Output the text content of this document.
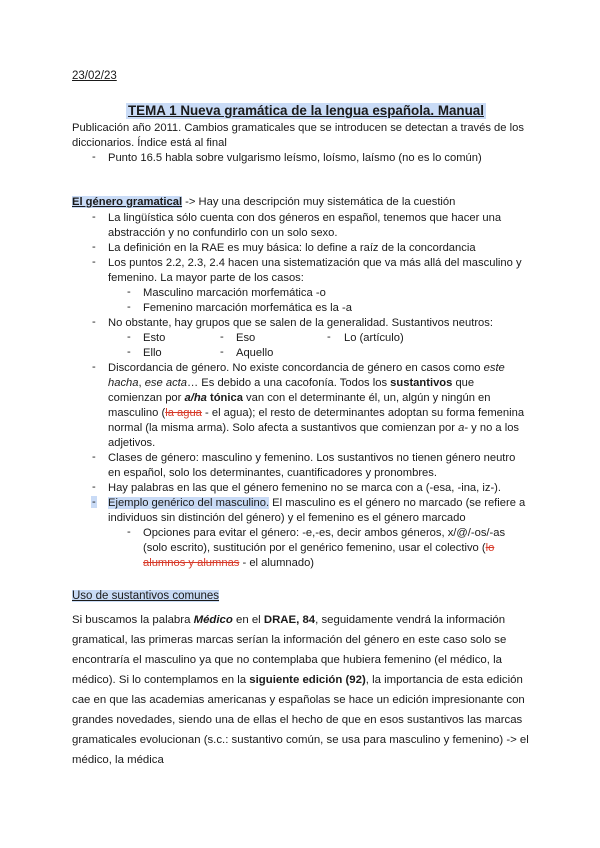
23/02/23
TEMA 1 Nueva gramática de la lengua española. Manual
Publicación año 2011. Cambios gramaticales que se introducen se detectan a través de los
diccionarios. Índice está al final
- Punto 16.5 habla sobre vulgarismo leísmo, loísmo, laísmo (no es lo común)
El género gramatical -> Hay una descripción muy sistemática de la cuestión
- La lingüística sólo cuenta con dos géneros en español, tenemos que hacer una
abstracción y no confundirlo con un solo sexo.
- La definición en la RAE es muy básica: lo define a raíz de la concordancia
- Los puntos 2.2, 2.3, 2.4 hacen una sistematización que va más allá del masculino y
femenino. La mayor parte de los casos:
- Masculino marcación morfemática -o
- Femenino marcación morfemática es la -a
- No obstante, hay grupos que se salen de la generalidad. Sustantivos neutros:
- Esto	- Eso	- Lo (artículo)
- Ello	- Aquello
- Discordancia de género. No existe concordancia de género en casos como este
hacha, ese acta… Es debido a una cacofonía. Todos los sustantivos que
comienzan por a/ha tónica van con el determinante él, un, algún y ningún en
masculino (la agua - el agua); el resto de determinantes adoptan su forma femenina
normal (la misma arma). Solo afecta a sustantivos que comienzan por a- y no a los
adjetivos.
- Clases de género: masculino y femenino. Los sustantivos no tienen género neutro
en español, solo los determinantes, cuantificadores y pronombres.
- Hay palabras en las que el género femenino no se marca con a (-esa, -ina, iz-).
- Ejemplo genérico del masculino. El masculino es el género no marcado (se refiere a
individuos sin distinción del género) y el femenino es el género marcado
- Opciones para evitar el género: -e,-es, decir ambos géneros, x/@/-os/-as
(solo escrito), sustitución por el genérico femenino, usar el colectivo (lo
alumnos y alumnas - el alumnado)
Uso de sustantivos comunes
Si buscamos la palabra Médico en el DRAE, 84, seguidamente vendrá la información
gramatical, las primeras marcas serían la información del género en este caso solo se
encontraría el masculino ya que no contemplaba que hubiera femenino (el médico, la
médico). Si lo contemplamos en la siguiente edición (92), la importancia de esta edición
cae en que las academias americanas y españolas se hace un edición impresionante con
grandes novedades, siendo una de ellas el hecho de que en esos sustantivos las marcas
gramaticales evolucionan (s.c.: sustantivo común, se usa para masculino y femenino) -> el
médico, la médica
